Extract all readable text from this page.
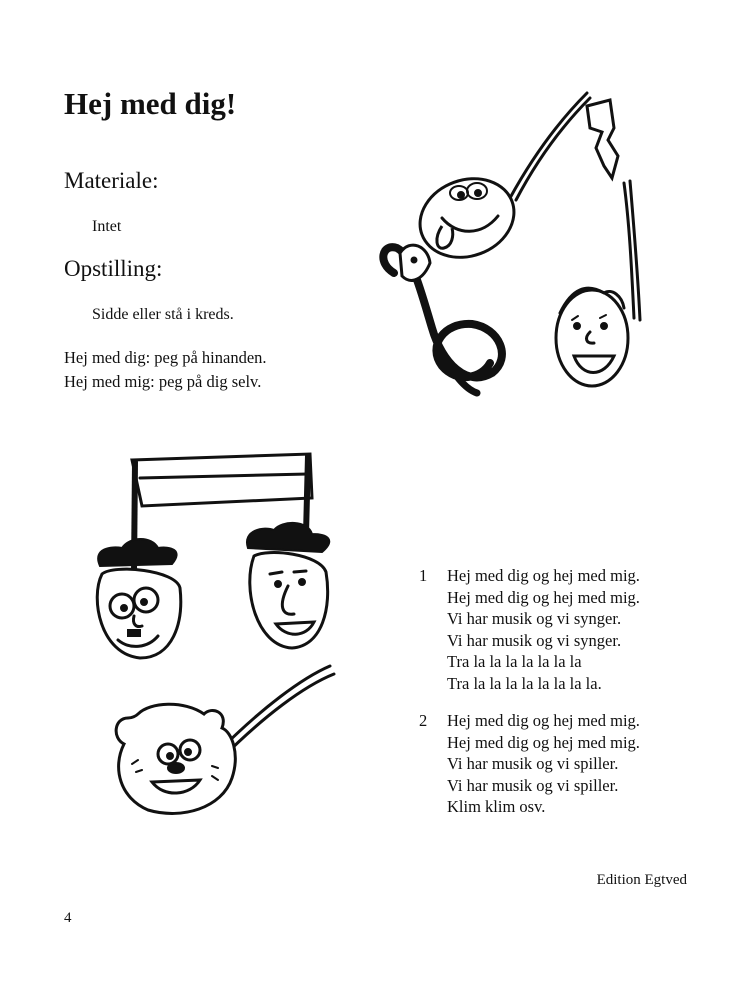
Hej med dig!
Materiale:

Intet

Opstilling:

Sidde eller stå i kreds.

Hej med dig: peg på hinanden.
Hej med mig: peg på dig selv.
1 Hej med dig og hej med mig.
Hej med dig og hej med mig.
Vi har musik og vi synger.
Vi har musik og vi synger.
Tra la la la la la la la
Tra la la la la la la la la.
2 Hej med dig og hej med mig.
Hej med dig og hej med mig.
Vi har musik og vi spiller.
Vi har musik og vi spiller.
Klim klim osv.
Edition Egtved
4
